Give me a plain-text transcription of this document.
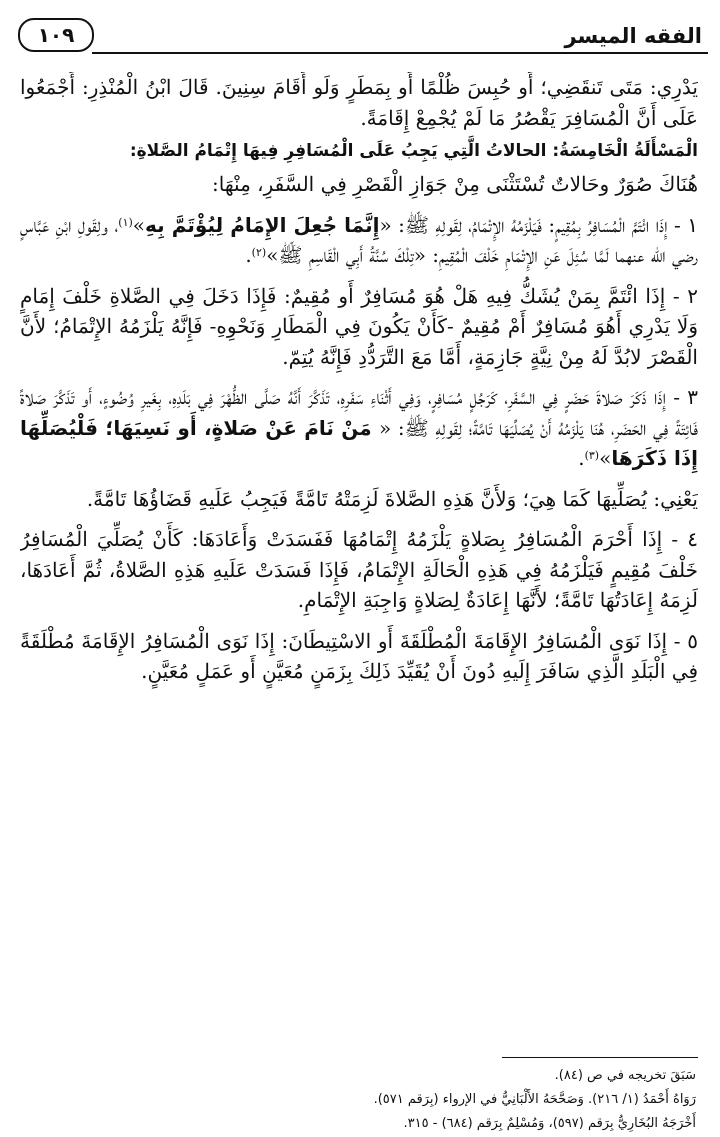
الفقه الميسر
١٠٩

يَدْرِي: مَتَى تَنقَضِي؛ أَو حُبِسَ ظُلْمًا أَو بِمَطَرٍ وَلَو أَقَامَ سِنِينَ. قَالَ ابْنُ الْمُنْذِرِ: أَجْمَعُوا عَلَى أَنَّ الْمُسَافِرَ يَقْصُرُ مَا لَمْ يُجْمِعْ إِقَامَةً.

الْمَسْأَلَةُ الْخَامِسَةُ: الحالاتُ الَّتِي يَجِبُ عَلَى الْمُسَافِرِ فِيهَا إِتْمَامُ الصَّلاةِ:

هُنَاكَ صُوَرٌ وحَالاتٌ تُسْتَثْنَى مِنْ جَوَازِ الْقَصْرِ فِي السَّفَرِ، مِنْهَا:

١ - إِذَا ائْتَمَّ الْمُسَافِرُ بِمُقِيمٍ: فَيَلْزَمُهُ الإِتْمَامُ، لِقَولِهِ ﷺ: «إِنَّمَا جُعِلَ الإِمَامُ لِيُؤْتَمَّ بِهِ»$^{(١)}$، ولِقَولِ ابْنِ عَبَّاسٍ رضي الله عنهما لَمَّا سُئِلَ عَنِ الإِتْمَامِ خَلْفَ الْمُقِيمِ: «تِلْكَ سُنَّةُ أَبِي الْقَاسِمِ ﷺ»$^{(٢)}$.

٢ - إِذَا ائْتَمَّ بِمَنْ يُشَكُّ فِيهِ هَلْ هُوَ مُسَافِرٌ أَو مُقِيمٌ: فَإِذَا دَخَلَ فِي الصَّلاةِ خَلْفَ إِمَامٍ وَلَا يَدْرِي أَهُوَ مُسَافِرٌ أَمْ مُقِيمٌ -كَأَنْ يَكُونَ فِي الْمَطَارِ وَنَحْوِهِ- فَإِنَّهُ يَلْزَمُهُ الإِتْمَامُ؛ لأَنَّ الْقَصْرَ لابُدَّ لَهُ مِنْ نِيَّةٍ جَازِمَةٍ، أَمَّا مَعَ التَّرَدُّدِ فَإِنَّهُ يُتِمّ.

٣ - إِذَا ذَكَرَ صَلاةَ حَضَرٍ فِي السَّفَرِ، كَرَجُلٍ مُسَافِرٍ، وَفِي أَثْنَاءِ سَفَرِهِ، تَذَكَّرَ أَنَّهُ صَلَّى الظُّهْرَ فِي بَلَدِهِ، بِغَيرِ وُضُوءٍ، أَو تَذَكَّرَ صَلاةً فَائِتَةً فِي الحَضَرِ، هُنَا يَلْزَمُهُ أَنْ يُصَلِّيَهَا تَامَّةً؛ لِقَولِهِ ﷺ: « مَنْ نَامَ عَنْ صَلاةٍ، أَو نَسِيَهَا؛ فَلْيُصَلِّهَا إِذَا ذَكَرَهَا»$^{(٣)}$.

يَعْنِي: يُصَلِّيهَا كَمَا هِيَ؛ وَلأَنَّ هَذِهِ الصَّلاةَ لَزِمَتْهُ تَامَّةً فَيَجِبُ عَلَيهِ قَضَاؤُهَا تَامَّةً.

٤ - إِذَا أَحْرَمَ الْمُسَافِرُ بِصَلاةٍ يَلْزَمُهُ إِتْمَامُهَا فَفَسَدَتْ وَأَعَادَهَا: كَأَنْ يُصَلِّيَ الْمُسَافِرُ خَلْفَ مُقِيمٍ فَيَلْزَمُهُ فِي هَذِهِ الْحَالَةِ الإِتْمَامُ، فَإِذَا فَسَدَتْ عَلَيهِ هَذِهِ الصَّلاةُ، ثُمَّ أَعَادَهَا، لَزِمَهُ إِعَادَتُهَا تَامَّةً؛ لأَنَّهَا إِعَادَةٌ لِصَلاةٍ وَاجِبَةِ الإِتْمَامِ.

٥ - إِذَا نَوَى الْمُسَافِرُ الإِقَامَةَ الْمُطْلَقَةَ أَو الاسْتِيطَانَ: إِذَا نَوَى الْمُسَافِرُ الإِقَامَةَ مُطْلَقَةً فِي الْبَلَدِ الَّذِي سَافَرَ إِلَيهِ دُونَ أَنْ يُقَيِّدَ ذَلِكَ بِزَمَنٍ مُعَيَّنٍ أَو عَمَلٍ مُعَيَّنٍ.

سَبَقَ تخريجه في ص (٨٤).
رَوَاهُ أَحْمَدُ (١/ ٢١٦). وَصَحَّحَهُ الأَلْبَانِيُّ في الإرواء (بِرَقم ٥٧١).
أَخْرَجَهُ البُخَارِيُّ بِرَقم (٥٩٧)، وَمُسْلِمٌ بِرَقم (٦٨٤) - ٣١٥.
